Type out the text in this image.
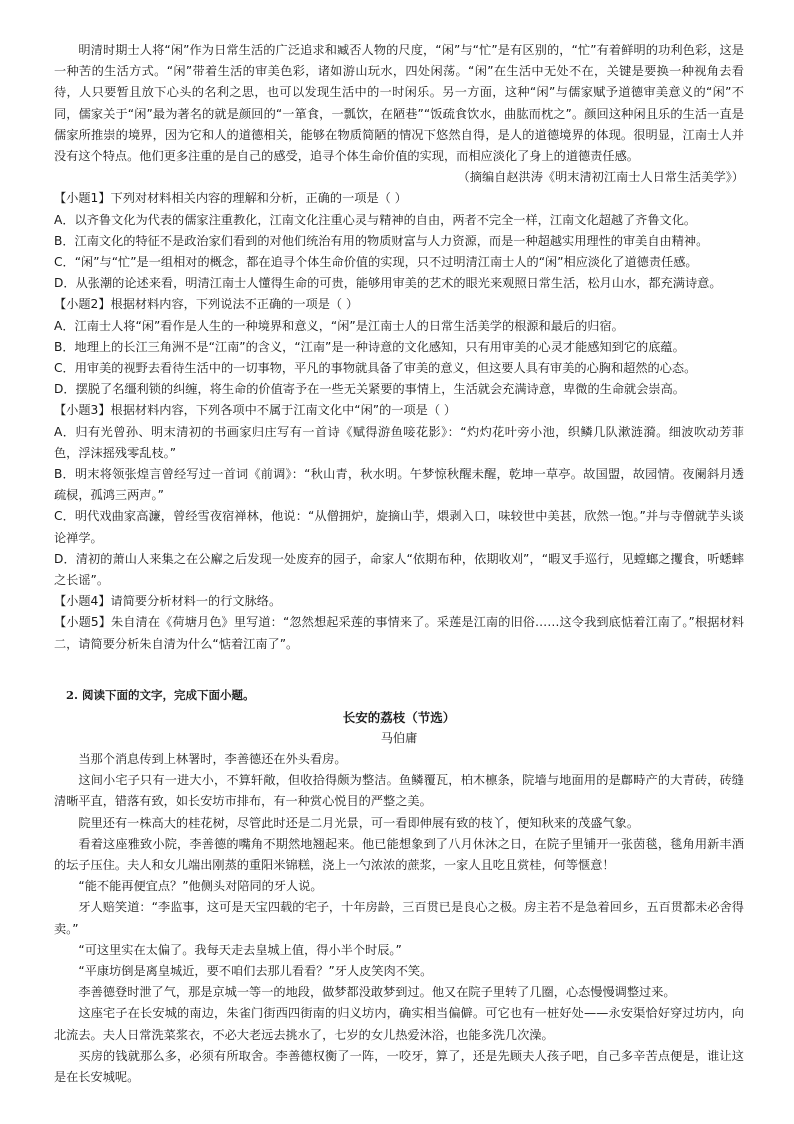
明清时期士人将“闲”作为日常生活的广泛追求和臧否人物的尺度，“闲”与“忙”是有区别的，“忙”有着鲜明的功利色彩，这是一种苦的生活方式。“闲”带着生活的审美色彩，诸如游山玩水，四处闲荡。“闲”在生活中无处不在，关键是要换一种视角去看待，人只要暂且放下心头的名利之思，也可以发现生活中的一时闲乐。另一方面，这种“闲”与儒家赋予道德审美意义的“闲”不同，儒家关于“闲”最为著名的就是颜回的“一箪食，一瓢饮，在陋巷”“饭疏食饮水，曲肱而枕之”。颜回这种闲且乐的生活一直是儒家所推崇的境界，因为它和人的道德相关，能够在物质简陋的情况下悠然自得，是人的道德境界的体现。很明显，江南士人并没有这个特点。他们更多注重的是自己的感受，追寻个体生命价值的实现，而相应淡化了身上的道德责任感。

（摘编自赵洪涛《明末清初江南士人日常生活美学》）

【小题1】下列对材料相关内容的理解和分析，正确的一项是（ ）

A．以齐鲁文化为代表的儒家注重教化，江南文化注重心灵与精神的自由，两者不完全一样，江南文化超越了齐鲁文化。

B．江南文化的特征不是政治家们看到的对他们统治有用的物质财富与人力资源，而是一种超越实用理性的审美自由精神。

C．“闲”与“忙”是一组相对的概念，都在追寻个体生命价值的实现，只不过明清江南士人的“闲”相应淡化了道德责任感。

D．从张潮的论述来看，明清江南士人懂得生命的可贵，能够用审美的艺术的眼光来观照日常生活，松月山水，都充满诗意。

【小题2】根据材料内容，下列说法不正确的一项是（ ）

A．江南士人将“闲”看作是人生的一种境界和意义，“闲”是江南士人的日常生活美学的根源和最后的归宿。

B．地理上的长江三角洲不是“江南”的含义，“江南”是一种诗意的文化感知，只有用审美的心灵才能感知到它的底蕴。

C．用审美的视野去看待生活中的一切事物，平凡的事物就具备了审美的意义，但这要人具有审美的心胸和超然的心态。

D．摆脱了名缰利锁的纠缠，将生命的价值寄予在一些无关紧要的事情上，生活就会充满诗意，卑微的生命就会崇高。

【小题3】根据材料内容，下列各项中不属于江南文化中“闲”的一项是（ ）

A．归有光曾孙、明末清初的书画家归庄写有一首诗《赋得游鱼唼花影》：“灼灼花叶旁小池，织鳞几队漱涟漪。细波吹动芳菲色，浮沫摇残零乱枝。”

B．明末将领张煌言曾经写过一首词《前调》：“秋山青，秋水明。午梦惊秋醒未醒，乾坤一草亭。故国盟，故园情。夜阑斜月透疏棂，孤鸿三两声。”

C．明代戏曲家高濂，曾经雪夜宿禅林，他说：“从僧拥炉，旋摘山芋，煨剥入口，味较世中美甚，欣然一饱。”并与寺僧就芋头谈论禅学。

D．清初的萧山人来集之在公廨之后发现一处废弃的园子，命家人“依期布种，依期收刈”，“暇叉手巡行，见螳螂之攫食，听蟋蟀之长谣”。

【小题4】请简要分析材料一的行文脉络。

【小题5】朱自清在《荷塘月色》里写道：“忽然想起采莲的事情来了。采莲是江南的旧俗……这令我到底惦着江南了。”根据材料二，请简要分析朱自清为什么“惦着江南了”。

2. 阅读下面的文字，完成下面小题。

长安的荔枝（节选）

马伯庸

当那个消息传到上林署时，李善德还在外头看房。

这间小宅子只有一进大小，不算轩敞，但收拾得颇为整洁。鱼鳞覆瓦，柏木檩条，院墙与地面用的是鄜畤产的大青砖，砖缝清晰平直，错落有致，如长安坊市排布，有一种赏心悦目的严整之美。

院里还有一株高大的桂花树，尽管此时还是二月光景，可一看即伸展有致的枝丫，便知秋来的茂盛气象。

看着这座雅致小院，李善德的嘴角不期然地翘起来。他已能想象到了八月休沐之日，在院子里铺开一张茵毯，毯角用新丰酒的坛子压住。夫人和女儿端出刚蒸的重阳米锦糕，浇上一勺浓浓的蔗浆，一家人且吃且赏桂，何等惬意！

“能不能再便宜点？”他侧头对陪同的牙人说。

牙人赔笑道：“李监事，这可是天宝四载的宅子，十年房龄，三百贯已是良心之极。房主若不是急着回乡，五百贯都未必舍得卖。”

“可这里实在太偏了。我每天走去皇城上值，得小半个时辰。”

“平康坊倒是离皇城近，要不咱们去那儿看看？”牙人皮笑肉不笑。

李善德登时泄了气，那是京城一等一的地段，做梦都没敢梦到过。他又在院子里转了几圈，心态慢慢调整过来。

这座宅子在长安城的南边，朱雀门街西四街南的归义坊内，确实相当偏僻。可它也有一桩好处——永安渠恰好穿过坊内，向北流去。夫人日常洗菜浆衣，不必大老远去挑水了，七岁的女儿热爱沐浴，也能多洗几次澡。

买房的钱就那么多，必须有所取舍。李善德权衡了一阵，一咬牙，算了，还是先顾夫人孩子吧，自己多辛苦点便是，谁让这是在长安城呢。
